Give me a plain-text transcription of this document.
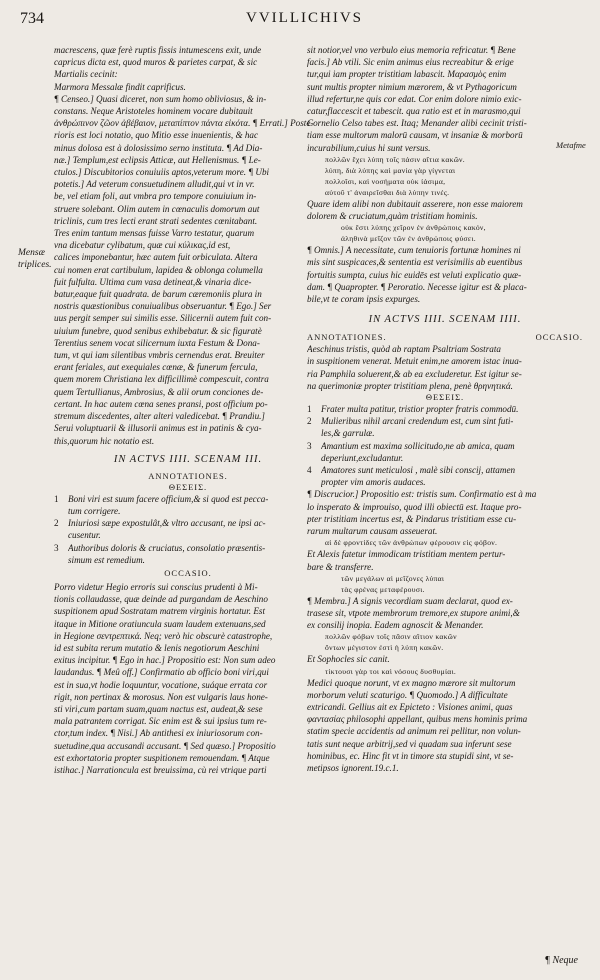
734	VVILLICHIVS
Mensæ
triplices.
Metafme
macrescens, quæ ferè ruptis fissis intumescens exit, unde
capricus dicta est, quod muros & parietes carpat, & sic
Martialis cecinit:
Marmora Messalæ findit caprificus.
¶ Censeo.] Quasi diceret, non sum homo obliviosus, & in-
constans. Neque Aristoteles hominem vocare dubitauit
ἀνθρώπινον ζῶον ἀβέβαιον, μεταπίπτον πάντα εἰκότα. ¶ Errati.] Poste-
rioris est loci notatio, quo Mitio esse inuenientis, & hac
minus dolosa est à dolosissimo serno instituta. ¶ Ad Dia-
næ.] Templum,est eclipsis Atticæ, aut Hellenismus. ¶ Le-
ctulos.] Discubitorios conuiuiis aptos,veterum more. ¶ Ubi
potetis.] Ad veterum consuetudinem alludit,qui vt in vr.
be, vel etiam foli, aut vmbra pro tempore conuiuium in-
struere solebant. Olim autem in cœnaculis domorum aut
triclinis, cum tres lecti erant strati sedentes cœnitabant.
Tres enim tantum mensas fuisse Varro testatur, quarum
vna dicebatur cylibatum, quæ cui κύλικας,id est,
calices imponebantur, hæc autem fuit orbiculata. Altera
cui nomen erat cartibulum, lapidea & oblonga columella
fuit fulfulta. Ultima cum vasa detineat,& vinaria dice-
batur,eaque fuit quadrata. de barum cæremoniis plura in
nostris quæstionibus conuiualibus obseruantur. ¶ Ego.] Ser
uus pergit semper sui similis esse. Silicernii autem fuit con-
uiuium funebre, quod senibus exhibebatur. & sic figuratè
Terentius senem vocat silicernum iuxta Festum & Dona-
tum, vt qui iam silentibus vmbris cernendus erat. Breuiter
erant feriales, aut exequiales cœnæ, & funerum fercula,
quem morem Christiana lex difficillimè compescuit, contra
quem Tertullianus, Ambrosius, & alii orum conciones de-
certant. In hac autem cœna senes pransi, post officium po-
stremum discedentes, alter alteri valedicebat. ¶ Prandiu.]
Serui voluptuarii & illusorii animus est in patinis & cya-
this,quorum hic notatio est.
IN ACTVS IIII. SCENAM III.
ANNOTATIONES.
ΘΕΣΕΙΣ.
1	Boni viri est suum facere officium,& si quod est pecca-
tum corrigere.
2	Iniuriosi sæpe expostulât,& vltro accusant, ne ipsi ac-
cusentur.
3	Authoribus doloris & cruciatus, consolatio præsentis-
simum est remedium.
OCCASIO.
Porro videtur Hegio erroris sui conscius prudenti à Mi-
tionis collaudasse, quæ deinde ad purgandam de Aeschino
suspitionem apud Sostratam matrem virginis hortatur. Est
itaque in Mitione oratiuncula suam laudem extenuans,sed
in Hegione σεντρεπτικά. Neq; verò hic obscurè catastrophe,
id est subita rerum mutatio & lenis negotiorum Aeschini
exitus incipitur. ¶ Ego in hac.] Propositio est: Non sum adeo
laudandus. ¶ Meû off.] Confirmatio ab officio boni viri,qui
est in sua,vt hodie loquuntur, vocatione, suáque errata cor
rigit, non pertinax & morosus. Non est vulgaris laus hone-
sti viri,cum partam suam,quam nactus est, audeat,& sese
mala patrantem corrigat. Sic enim est & sui ipsius tum re-
ctor,tum index. ¶ Nisi.] Ab antithesi ex iniuriosorum con-
suetudine,qua accusandi accusant. ¶ Sed quæso.] Propositio
est exhortatoria propter suspitionem remouendam. ¶ Atque
istihac.] Narrationcula est breuissima, cù rei vtrique parti
sit notior,vel vno verbulo eius memoria refricatur. ¶ Bene
facis.] Ab vtili. Sic enim animus eius recreabitur & erige
tur,qui iam propter tristitiam labascit. Μαρασμὸς enim
sunt multis propter nimium mærorem, & vt Pythagoricum
illud refertur,ne quis cor edat. Cor enim dolore nimio exic-
catur,flaccescit et tabescit. qua ratio est et in marasmo,qui
Cornelio Celso tabes est. Itaq; Menander alibi cecinit tristi-
tiam esse multorum malorū causam, vt insaniæ & morborū
incurabilium,cuius hi sunt versus.
πολλῶν ἔχει λύπη τοῖς πάσιν αἴτια κακῶν.
λύπη, διὰ λύπης καὶ μανία γὰρ γίγνεται
πολλοῖσι, καὶ νοσήματα οὐκ ἰάσιμα,
αὐτοῦ τ' ἀναιρεῖσθαι διὰ λύπην τινές.
Quare idem alibi non dubitauit asserere, non esse maiorem
dolorem & cruciatum,quàm tristitiam hominis.
οὐκ ἔστι λύπης χεῖρον ἐν ἀνθρώποις κακόν,
ἀληθινὰ μεῖζον τῶν ἐν ἀνθρώποις φύσει.
¶ Omnis.] A necessitate, cum tenuioris fortunæ homines ni
mis sint suspicaces,& sententia est verisimilis ab euentibus
fortuitis sumpta, cuius hic euidēs est veluti explicatio quæ-
dam. ¶ Quapropter. ¶ Peroratio. Necesse igitur est & placa-
bile,vt te coram ipsis expurges.
IN ACTVS IIII. SCENAM IIII.
ANNOTATIONES.	OCCASIO.
Aeschinus tristis, quòd ab raptam Psaltriam Sostrata
in suspitionem venerat. Metuit enim,ne amorem istac inua-
ria Pamphila soluerent,& ab ea excluderetur. Est igitur se-
na querimoniæ propter tristitiam plena, penè θρηνητικά.
ΘΕΣΕΙΣ.
1	Frater multa patitur, tristior propter fratris commodū.
2	Mulieribus nihil arcani credendum est, cum sint futi-
les,& garrulæ.
3	Amantium est maxima sollicitudo,ne ab amica, quam
deperiunt,excludantur.
4	Amatores sunt meticulosi , malè sibi conscij, attamen
propter vim amoris audaces.
¶ Discrucior.] Propositio est: tristis sum. Confirmatio est à ma
lo insperato & improuiso, quod illi obiectū est. Itaque pro-
pter tristitiam incertus est, & Pindarus tristitiam esse cu-
rarum multarum causam asseuerat.
αἱ δὲ φροντίδες τῶν ἀνθρώπων φέρουσιν εἰς φόβον.
Et Alexis fatetur immodicam tristitiam mentem pertur-
bare & transferre.
τῶν μεγάλων αἱ μεῖζονες λύπαι
τὰς φρένας μεταφέρουσι.
¶ Membra.] A signis vecordiam suam declarat, quod ex-
trasese sit, vtpote membrorum tremore,ex stupore animi,&
ex consilij inopia. Eadem agnoscit & Menander.
πολλῶν φόβων τοῖς πᾶσιν αἴτιον κακῶν
ὄντων μέγιστον ἐστὶ ἡ λύπη κακῶν.
Et Sophocles sic canit.
τίκτουσι γὰρ τοι καὶ νόσους δυσθυμίαι.
Medici quoque norunt, vt ex magno mærore sit multorum
morborum veluti scaturigo. ¶ Quomodo.] A difficultate
extricandi. Gellius ait ex Epicteto : Visiones animi, quas
φαντασίας philosophi appellant, quibus mens hominis prima
statim specie accidentis ad animum rei pellitur, non volun-
tatis sunt neque arbitrij,sed vi quadam sua inferunt sese
hominibus, ec. Hinc fit vt in timore sta stupidi sint, vt se-
metipsos ignorent.19.c.1.
¶ Neque
